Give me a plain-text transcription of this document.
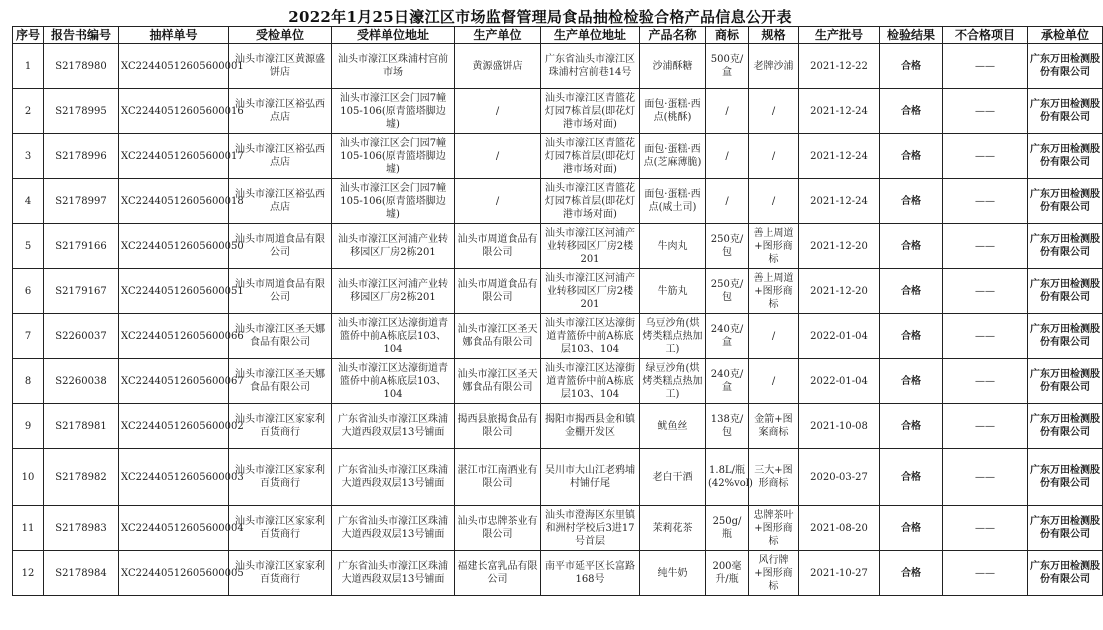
2022年1月25日濠江区市场监督管理局食品抽检检验合格产品信息公开表
序号	报告书编号	抽样单号	受检单位	受样单位地址	生产单位	生产单位地址	产品名称	商标	规格	生产批号	检验结果	不合格项目	承检单位
1	S2178980	XC22440512605600001	汕头市濠江区黄源盛饼店	汕头市濠江区珠浦村宫前市场	黄源盛饼店	广东省汕头市濠江区珠浦村宫前巷14号	沙浦酥糖	500克/盒	老牌沙浦	2021-12-22	合格	——	广东万田检测股份有限公司
2	S2178995	XC22440512605600016	汕头市濠江区裕弘西点店	汕头市濠江区会门园7幢105-106(原青篮塔脚边墟)	/	汕头市濠江区青篮花灯园7栋首层(即花灯港市场对面)	面包·蛋糕·西点(桃酥)	/	/	2021-12-24	合格	——	广东万田检测股份有限公司
3	S2178996	XC22440512605600017	汕头市濠江区裕弘西点店	汕头市濠江区会门园7幢105-106(原青篮塔脚边墟)	/	汕头市濠江区青篮花灯园7栋首层(即花灯港市场对面)	面包·蛋糕·西点(芝麻薄脆)	/	/	2021-12-24	合格	——	广东万田检测股份有限公司
4	S2178997	XC22440512605600018	汕头市濠江区裕弘西点店	汕头市濠江区会门园7幢105-106(原青篮塔脚边墟)	/	汕头市濠江区青篮花灯园7栋首层(即花灯港市场对面)	面包·蛋糕·西点(咸土司)	/	/	2021-12-24	合格	——	广东万田检测股份有限公司
5	S2179166	XC22440512605600050	汕头市周道食品有限公司	汕头市濠江区河浦产业转移园区厂房2栋201	汕头市周道食品有限公司	汕头市濠江区河浦产业转移园区厂房2楼201	牛肉丸	250克/包	善上周道+图形商标	2021-12-20	合格	——	广东万田检测股份有限公司
6	S2179167	XC22440512605600051	汕头市周道食品有限公司	汕头市濠江区河浦产业转移园区厂房2栋201	汕头市周道食品有限公司	汕头市濠江区河浦产业转移园区厂房2楼201	牛筋丸	250克/包	善上周道+图形商标	2021-12-20	合格	——	广东万田检测股份有限公司
7	S2260037	XC22440512605600066	汕头市濠江区圣天娜食品有限公司	汕头市濠江区达濠街道青篮侨中前A栋底层103、104	汕头市濠江区圣天娜食品有限公司	汕头市濠江区达濠街道青篮侨中前A栋底层103、104	乌豆沙角(烘烤类糕点热加工)	240克/盒	/	2022-01-04	合格	——	广东万田检测股份有限公司
8	S2260038	XC22440512605600067	汕头市濠江区圣天娜食品有限公司	汕头市濠江区达濠街道青篮侨中前A栋底层103、104	汕头市濠江区圣天娜食品有限公司	汕头市濠江区达濠街道青篮侨中前A栋底层103、104	绿豆沙角(烘烤类糕点热加工)	240克/盒	/	2022-01-04	合格	——	广东万田检测股份有限公司
9	S2178981	XC22440512605600002	汕头市濠江区家家利百货商行	广东省汕头市濠江区珠浦大道西段双层13号铺面	揭西县旅揭食品有限公司	揭阳市揭西县金和镇金棚开发区	鱿鱼丝	138克/包	金箭+图案商标	2021-10-08	合格	——	广东万田检测股份有限公司
10	S2178982	XC22440512605600003	汕头市濠江区家家利百货商行	广东省汕头市濠江区珠浦大道西段双层13号铺面	湛江市江南酒业有限公司	吴川市大山江老鸦埔村铺仔尾	老白干酒	1.8L/瓶(42%vol)	三大+图形商标	2020-03-27	合格	——	广东万田检测股份有限公司
11	S2178983	XC22440512605600004	汕头市濠江区家家利百货商行	广东省汕头市濠江区珠浦大道西段双层13号铺面	汕头市忠牌茶业有限公司	汕头市澄海区东里镇和洲村学校后3进17号首层	茉莉花茶	250g/瓶	忠牌茶叶+图形商标	2021-08-20	合格	——	广东万田检测股份有限公司
12	S2178984	XC22440512605600005	汕头市濠江区家家利百货商行	广东省汕头市濠江区珠浦大道西段双层13号铺面	福建长富乳品有限公司	南平市延平区长富路168号	纯牛奶	200毫升/瓶	风行牌+图形商标	2021-10-27	合格	——	广东万田检测股份有限公司
